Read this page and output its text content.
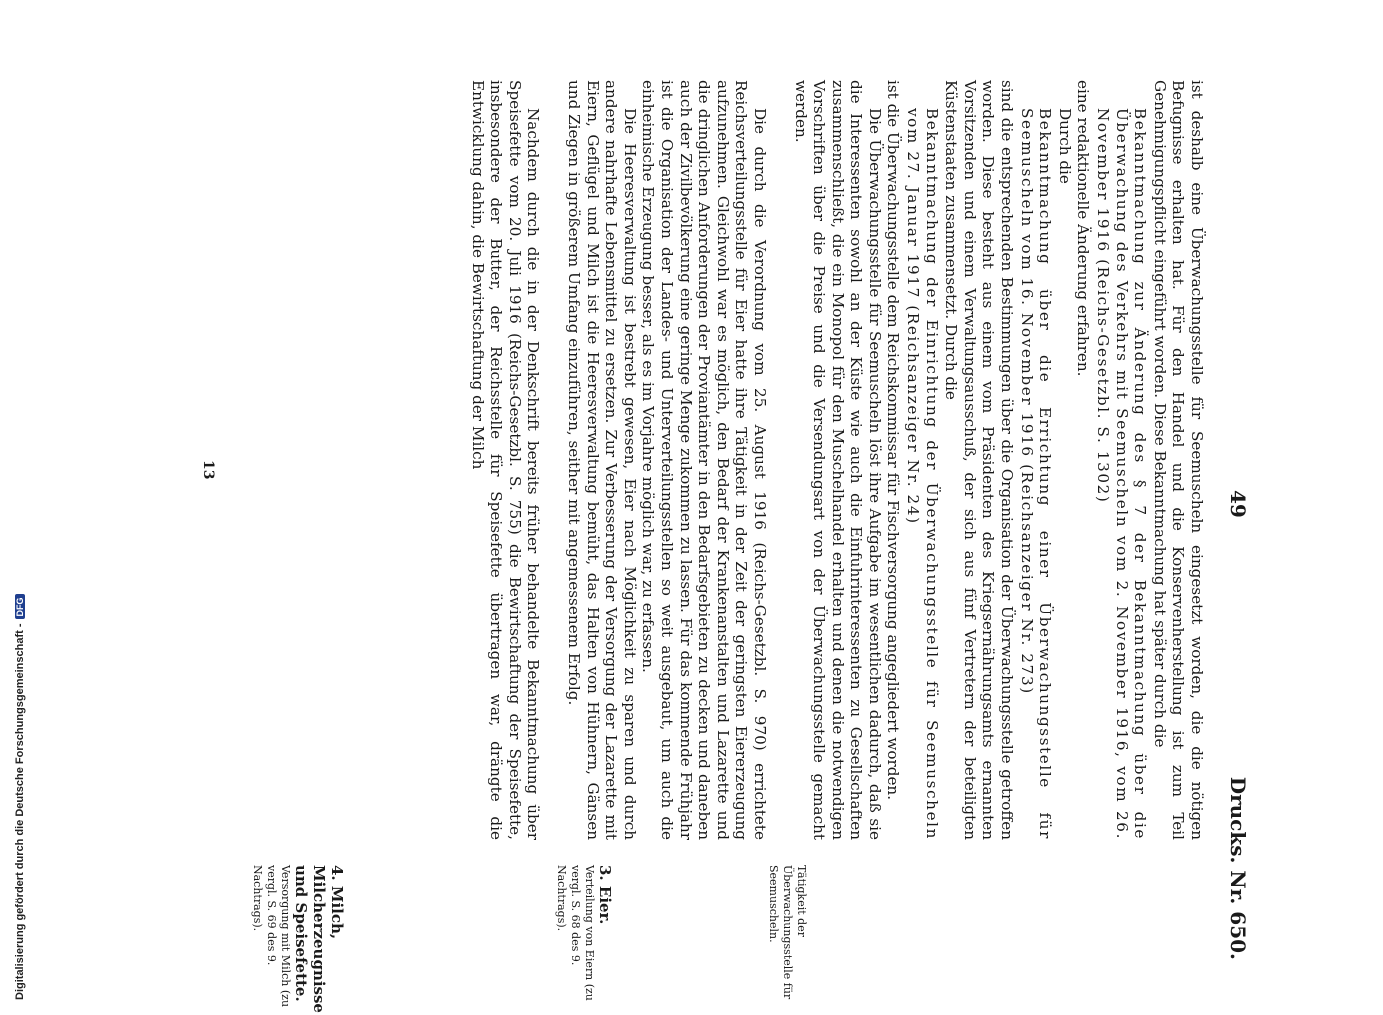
49
Drucks. Nr. 650.

ist deshalb eine Überwachungsstelle für Seemuscheln eingesetzt worden, die die nötigen Befugnisse erhalten hat. Für den Handel und die Konservenherstellung ist zum Teil Genehmigungspflicht eingeführt worden. Diese Bekanntmachung hat später durch die

Bekanntmachung zur Änderung des § 7 der Bekanntmachung über die Überwachung des Verkehrs mit Seemuscheln vom 2. November 1916, vom 26. November 1916 (Reichs-Gesetzbl. S. 1302)

eine redaktionelle Änderung erfahren.

Durch die

Bekanntmachung über die Errichtung einer Überwachungsstelle für Seemuscheln vom 16. November 1916 (Reichsanzeiger Nr. 273)

sind die entsprechenden Bestimmungen über die Organisation der Überwachungsstelle getroffen worden. Diese besteht aus einem vom Präsidenten des Kriegsernährungsamts ernannten Vorsitzenden und einem Verwaltungsausschuß, der sich aus fünf Vertretern der beteiligten Küstenstaaten zusammensetzt. Durch die

Bekanntmachung der Einrichtung der Überwachungsstelle für Seemuscheln vom 27. Januar 1917 (Reichsanzeiger Nr. 24)

ist die Überwachungsstelle dem Reichskommissar für Fischversorgung angegliedert worden.

Die Überwachungsstelle für Seemuscheln löst ihre Aufgabe im wesentlichen dadurch, daß sie die Interessenten sowohl an der Küste wie auch die Einfuhrinteressenten zu Gesellschaften zusammenschließt, die ein Monopol für den Muschelhandel erhalten und denen die notwendigen Vorschriften über die Preise und die Versendungsart von der Überwachungsstelle gemacht werden.

Die durch die Verordnung vom 25. August 1916 (Reichs-Gesetzbl. S. 970) errichtete Reichsverteilungsstelle für Eier hatte ihre Tätigkeit in der Zeit der geringsten Eiererzeugung aufzunehmen. Gleichwohl war es möglich, den Bedarf der Krankenanstalten und Lazarette und die dringlichen Anforderungen der Proviantämter in den Bedarfsgebieten zu decken und daneben auch der Zivilbevölkerung eine geringe Menge zukommen zu lassen. Für das kommende Frühjahr ist die Organisation der Landes- und Unterverteilungsstellen so weit ausgebaut, um auch die einheimische Erzeugung besser, als es im Vorjahre möglich war, zu erfassen.

Die Heeresverwaltung ist bestrebt gewesen, Eier nach Möglichkeit zu sparen und durch andere nahrhafte Lebensmittel zu ersetzen. Zur Verbesserung der Versorgung der Lazarette mit Eiern, Geflügel und Milch ist die Heeresverwaltung bemüht, das Halten von Hühnern, Gänsen und Ziegen in größerem Umfang einzuführen, seither mit angemessenem Erfolg.

Nachdem durch die in der Denkschrift bereits früher behandelte Bekanntmachung über Speisefette vom 20. Juli 1916 (Reichs-Gesetzbl. S. 755) die Bewirtschaftung der Speisefette, insbesondere der Butter, der Reichsstelle für Speisefette übertragen war, drängte die Entwicklung dahin, die Bewirtschaftung der Milch

Tätigkeit der Überwachungsstelle für Seemuscheln.
3. Eier.
Verteilung von Eiern (zu vergl. S. 68 des 9. Nachtrags).
4. Milch, Milcherzeugnisse und Speisefette.
Versorgung mit Milch (zu vergl. S. 69 des 9. Nachtrags).
13
Digitalisierung gefördert durch die Deutsche Forschungsgemeinschaft -DFG
